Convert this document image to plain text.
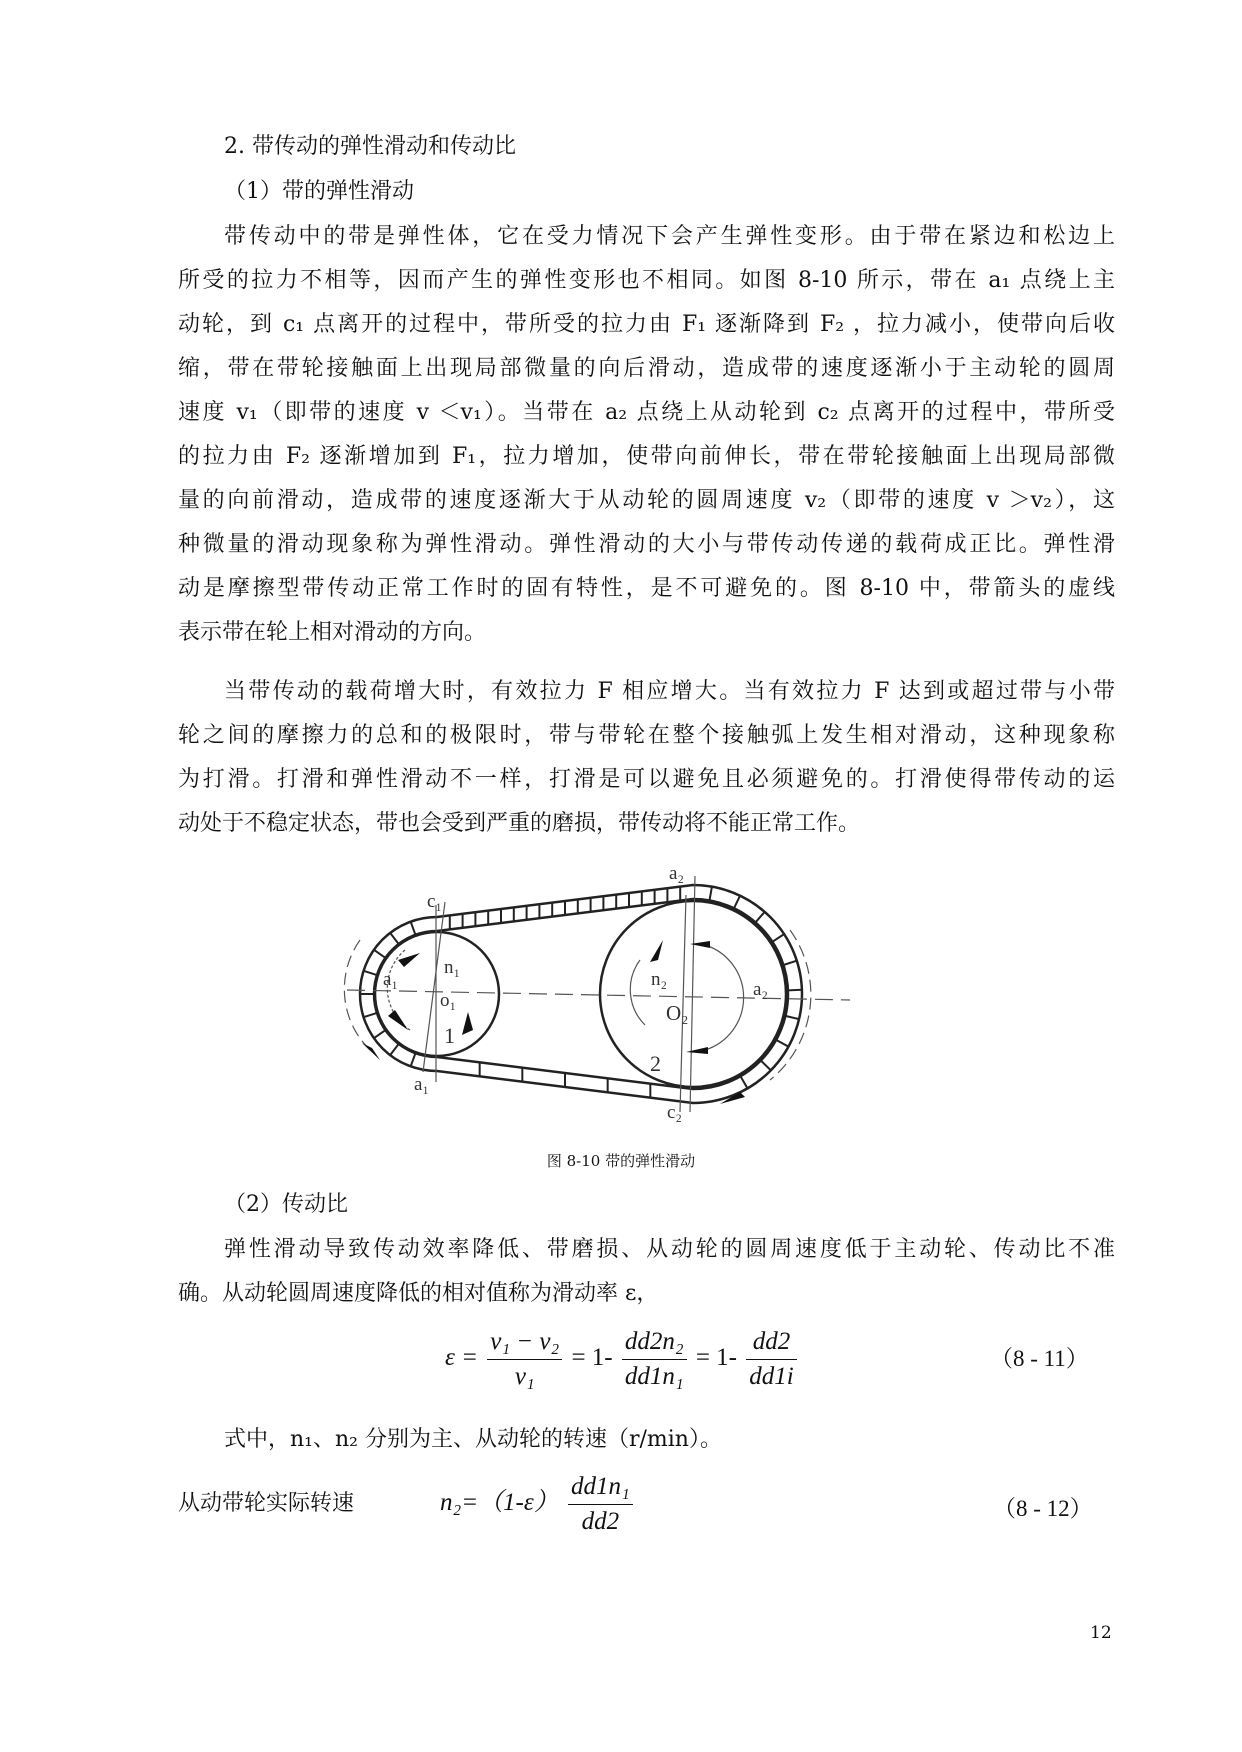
2. 带传动的弹性滑动和传动比
（1）带的弹性滑动
带传动中的带是弹性体，它在受力情况下会产生弹性变形。由于带在紧边和松边上
所受的拉力不相等，因而产生的弹性变形也不相同。如图 8-10 所示，带在 a₁ 点绕上主
动轮，到 c₁ 点离开的过程中，带所受的拉力由 F₁ 逐渐降到 F₂ ，拉力减小，使带向后收
缩，带在带轮接触面上出现局部微量的向后滑动，造成带的速度逐渐小于主动轮的圆周
速度 v₁（即带的速度 v ＜v₁）。当带在 a₂ 点绕上从动轮到 c₂ 点离开的过程中，带所受
的拉力由 F₂ 逐渐增加到 F₁，拉力增加，使带向前伸长，带在带轮接触面上出现局部微
量的向前滑动，造成带的速度逐渐大于从动轮的圆周速度 v₂（即带的速度 v ＞v₂），这
种微量的滑动现象称为弹性滑动。弹性滑动的大小与带传动传递的载荷成正比。弹性滑
动是摩擦型带传动正常工作时的固有特性，是不可避免的。图 8-10 中，带箭头的虚线
表示带在轮上相对滑动的方向。
当带传动的载荷增大时，有效拉力 F 相应增大。当有效拉力 F 达到或超过带与小带
轮之间的摩擦力的总和的极限时，带与带轮在整个接触弧上发生相对滑动，这种现象称
为打滑。打滑和弹性滑动不一样，打滑是可以避免且必须避免的。打滑使得带传动的运
动处于不稳定状态，带也会受到严重的磨损，带传动将不能正常工作。
c₁
a₁
a₁
n₁
o₁
1
a₂
a₂
n₂
O₂
2
c₂
图 8-10 带的弹性滑动
（2）传动比
弹性滑动导致传动效率降低、带磨损、从动轮的圆周速度低于主动轮、传动比不准
确。从动轮圆周速度降低的相对值称为滑动率 ε，
$\varepsilon = \frac{\text{v₁ − v₂}}{\text{v₁}} = 1- \frac{\text{dd2n₂}}{\text{dd1n₁}} = 1- \frac{dd2}{dd1i}$	（8 - 11）
式中，n₁、n₂ 分别为主、从动轮的转速（r/min）。
从动带轮实际转速	$n_2=(1-\varepsilon) \frac{\text{dd1n₁}}{dd2}$	（8 - 12）
12
